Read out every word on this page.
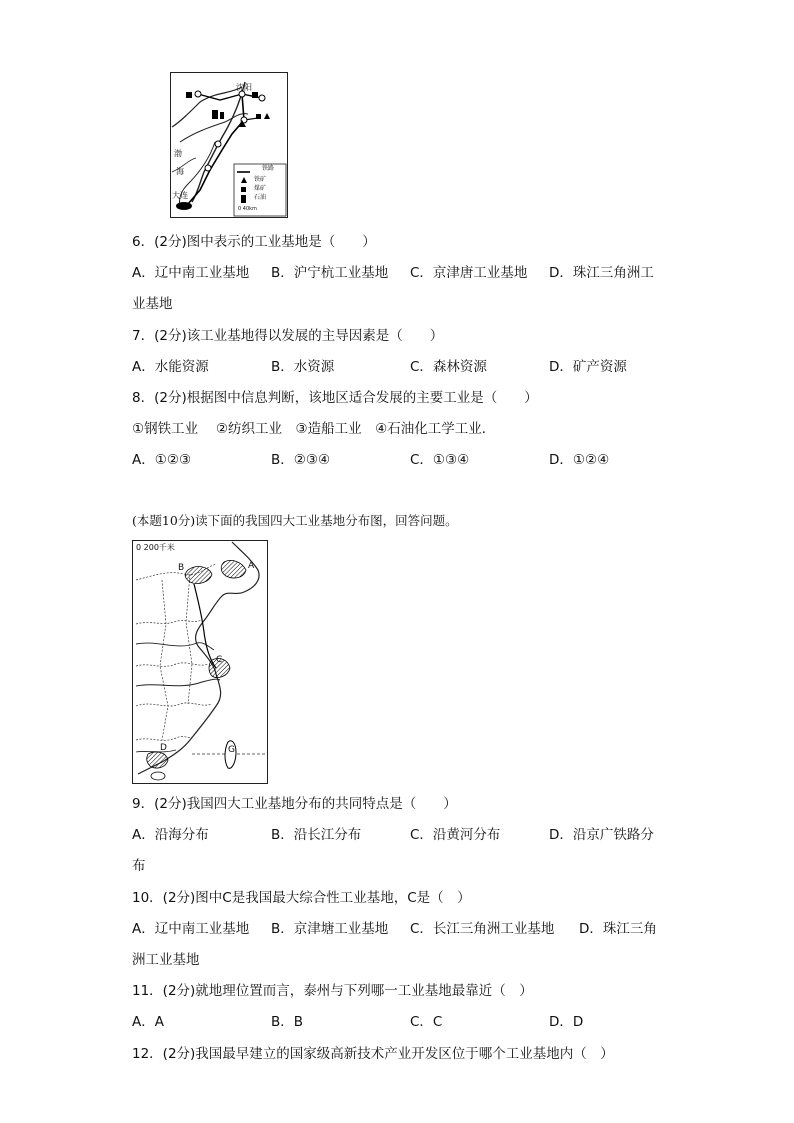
沈阳
渤
海
大连
铁路
铁矿
煤矿
石油
0 40km
6．(2分)图中表示的工业基地是（　　）
A．辽中南工业基地 B．沪宁杭工业基地 C．京津唐工业基地 D．珠江三角洲工
业基地
7．(2分)该工业基地得以发展的主导因素是（　　）
A．水能资源	B．水资源	C．森林资源	D．矿产资源
8．(2分)根据图中信息判断，该地区适合发展的主要工业是（　　）
①钢铁工业　 ②纺织工业　③造船工业　④石油化工学工业．
A．①②③	B．②③④	C．①③④	D．①②④
(本题10分)读下面的我国四大工业基地分布图，回答问题。
0 200千米
A
B
C
D	G
9．(2分)我国四大工业基地分布的共同特点是（　　）
A．沿海分布	B．沿长江分布	C．沿黄河分布	D．沿京广铁路分
布
10．(2分)图中C是我国最大综合性工业基地，C是（　）
A．辽中南工业基地 B．京津塘工业基地 C．长江三角洲工业基地 D．珠江三角
洲工业基地
11．(2分)就地理位置而言，泰州与下列哪一工业基地最靠近（　）
A．A	B．B	C．C	D．D
12．(2分)我国最早建立的国家级高新技术产业开发区位于哪个工业基地内（　）
